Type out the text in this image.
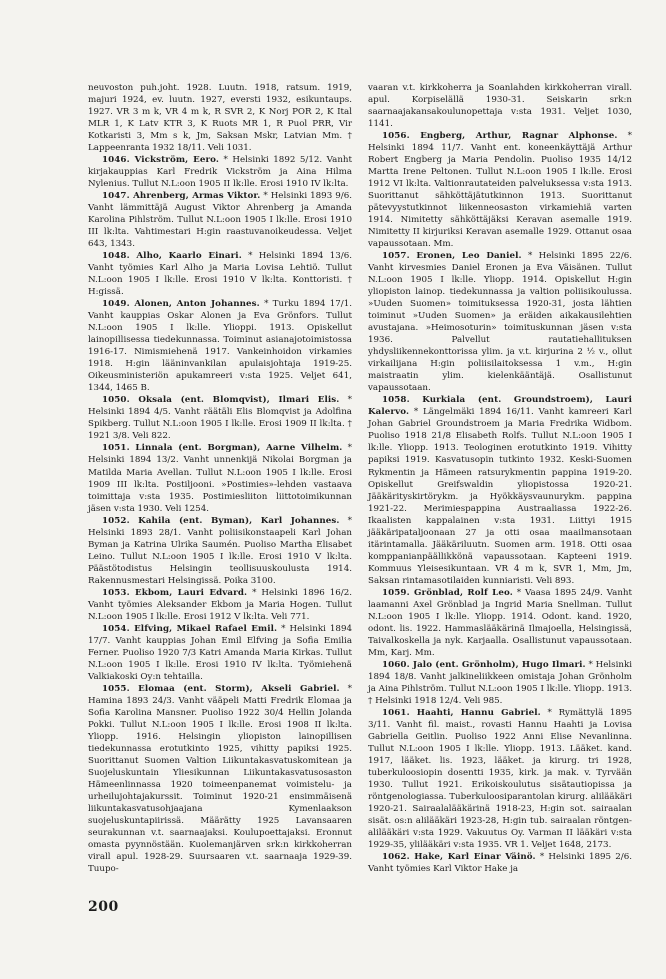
neuvoston puh.joht. 1928. Luutn. 1918, ratsum. 1919, majuri 1924, ev. luutn. 1927, eversti 1932, esikuntaups. 1927. VR 3 m k, VR 4 m k, R SVR 2, K Norj POR 2, K Ital MLR 1, K Latv KTR 3, K Ruots MR 1, R Puol PRR, Vir Kotkaristi 3, Mm s k, Jm, Saksan Mskr, Latvian Mm. † Lappeenranta 1932 18/11. Veli 1031.

1046. Vickström, Eero. * Helsinki 1892 5/12. Vanht kirjakauppias Karl Fredrik Vickström ja Aina Hilma Nylenius. Tullut N.L:oon 1905 II lk:lle. Erosi 1910 IV lk:lta.

1047. Ahrenberg, Armas Viktor. * Helsinki 1893 9/6. Vanht lämmittäjä August Viktor Ahrenberg ja Amanda Karolina Pihlström. Tullut N.L:oon 1905 I lk:lle. Erosi 1910 III lk:lta. Vahtimestari H:gin raastuvanoikeudessa. Veljet 643, 1343.

1048. Alho, Kaarlo Einari. * Helsinki 1894 13/6. Vanht työmies Karl Alho ja Maria Lovisa Lehtiö. Tullut N.L:oon 1905 I lk:lle. Erosi 1910 V lk:lta. Konttoristi. † H:gissä.

1049. Alonen, Anton Johannes. * Turku 1894 17/1. Vanht kauppias Oskar Alonen ja Eva Grönfors. Tullut N.L:oon 1905 I lk:lle. Ylioppi. 1913. Opiskellut lainopillisessa tiedekunnassa. Toiminut asianajotoimistossa 1916-17. Nimismiehenä 1917. Vankeinhoidon virkamies 1918. H:gin lääninvankilan apulaisjohtaja 1919-25. Oikeusministeriön apukamreeri v:sta 1925. Veljet 641, 1344, 1465 B.

1050. Oksala (ent. Blomqvist), Ilmari Elis. * Helsinki 1894 4/5. Vanht räätäli Elis Blomqvist ja Adolfina Spikberg. Tullut N.L:oon 1905 I lk:lle. Erosi 1909 II lk:lta. † 1921 3/8. Veli 822.

1051. Linnala (ent. Borgman), Aarne Vilhelm. * Helsinki 1894 13/2. Vanht unnenkijä Nikolai Borgman ja Matilda Maria Avellan. Tullut N.L:oon 1905 I lk:lle. Erosi 1909 III lk:lta. Postiljooni. »Postimies»-lehden vastaava toimittaja v:sta 1935. Postimiesliiton liittotoimikunnan jäsen v:sta 1930. Veli 1254.

1052. Kahila (ent. Byman), Karl Johannes. * Helsinki 1893 28/1. Vanht poliisikonstaapeli Karl Johan Byman ja Katrina Ulrika Saumén. Puoliso Martha Elisabet Leino. Tullut N.L:oon 1905 I lk:lle. Erosi 1910 V lk:lta. Päästötodistus Helsingin teollisuuskoulusta 1914. Rakennusmestari Helsingissä. Poika 3100.

1053. Ekbom, Lauri Edvard. * Helsinki 1896 16/2. Vanht työmies Aleksander Ekbom ja Maria Hogen. Tullut N.L:oon 1905 I lk:lle. Erosi 1912 V lk:lta. Veli 771.

1054. Elfving, Mikael Rafael Emil. * Helsinki 1894 17/7. Vanht kauppias Johan Emil Elfving ja Sofia Emilia Ferner. Puoliso 1920 7/3 Katri Amanda Maria Kirkas. Tullut N.L:oon 1905 I lk:lle. Erosi 1910 IV lk:lta. Työmiehenä Valkiakoski Oy:n tehtailla.

1055. Elomaa (ent. Storm), Akseli Gabriel. * Hamina 1893 24/3. Vanht vääpeli Matti Fredrik Elomaa ja Sofia Karolina Mansner. Puoliso 1922 30/4 Hellin Jolanda Pokki. Tullut N.L:oon 1905 I lk:lle. Erosi 1908 II lk:lta. Yliopp. 1916. Helsingin yliopiston lainopillisen tiedekunnassa erotutkinto 1925, vihitty papiksi 1925. Suorittanut Suomen Valtion Liikuntakasvatuskomitean ja Suojeluskuntain Yliesikunnan Liikuntakasvatusosaston Hämeenlinnassa 1920 toimeenpanemat voimistelu- ja urheilujohtajakurssit. Toiminut 1920-21 ensimmäisenä liikuntakasvatusohjaajana Kymenlaakson suojeluskuntapiirissä. Määrätty 1925 Lavansaaren seurakunnan v.t. saarnaajaksi. Koulupoettajaksi. Eronnut omasta pyynnöstään. Kuolemanjärven srk:n kirkkoherran virall apul. 1928-29. Suursaaren v.t. saarnaaja 1929-39. Tuupo-

vaaran v.t. kirkkoherra ja Soanlahden kirkkoherran virall. apul. Korpiselällä 1930-31. Seiskarin srk:n saarnaajakansakoulunopettaja v:sta 1931. Veljet 1030, 1141.

1056. Engberg, Arthur, Ragnar Alphonse. * Helsinki 1894 11/7. Vanht ent. koneenkäyttäjä Arthur Robert Engberg ja Maria Pendolin. Puoliso 1935 14/12 Martta Irene Peltonen. Tullut N.L:oon 1905 I lk:lle. Erosi 1912 VI lk:lta. Valtionrautateiden palveluksessa v:sta 1913. Suorittanut sähköttäjätutkinnon 1913. Suorittanut pätevyystutkinnot liikenneosaston virkamiehiä varten 1914. Nimitetty sähköttäjäksi Keravan asemalle 1919. Nimitetty II kirjuriksi Keravan asemalle 1929. Ottanut osaa vapaussotaan. Mm.

1057. Eronen, Leo Daniel. * Helsinki 1895 22/6. Vanht kirvesmies Daniel Eronen ja Eva Väisänen. Tullut N.L:oon 1905 I lk:lle. Yliopp. 1914. Opiskellut H:gin yliopiston lainop. tiedekunnassa ja valtion poliisikoulussa. »Uuden Suomen» toimituksessa 1920-31, josta lähtien toiminut »Uuden Suomen» ja eräiden aikakausilehtien avustajana. »Heimosoturin» toimituskunnan jäsen v:sta 1936. Palvellut rautatiehallituksen yhdysliikennekonttorissa ylim. ja v.t. kirjurina 2 ½ v., ollut virkailijana H:gin poliisilaitoksessa 1 v.m., H:gin maistraatin ylim. kielenkääntäjä. Osallistunut vapaussotaan.

1058. Kurkiala (ent. Groundstroem), Lauri Kalervo. * Längelmäki 1894 16/11. Vanht kamreeri Karl Johan Gabriel Groundstroem ja Maria Fredrika Widbom. Puoliso 1918 21/8 Elisabeth Rolfs. Tullut N.L:oon 1905 I lk:lle. Yliopp. 1913. Teologinen erotutkinto 1919. Vihitty papiksi 1919. Kasvatusopin tutkinto 1932. Keski-Suomen Rykmentin ja Hämeen ratsurykmentin pappina 1919-20. Opiskellut Greifswaldin yliopistossa 1920-21. Jääkärityskirtörykm. ja Hyökkäysvaunurykm. pappina 1921-22. Merimiespappina Austraaliassa 1922-26. Ikaalisten kappalainen v:sta 1931. Liittyi 1915 jääkäripataljoonaan 27 ja otti osaa maailmansotaan itärintamalla. Jääkäriluutn. Suomen arm. 1918. Otti osaa komppanianpäällikkönä vapaussotaan. Kapteeni 1919. Kommuus Yleisesikuntaan. VR 4 m k, SVR 1, Mm, Jm, Saksan rintamasotilaiden kunniaristi. Veli 893.

1059. Grönblad, Rolf Leo. * Vaasa 1895 24/9. Vanht laamanni Axel Grönblad ja Ingrid Maria Snellman. Tullut N.L:oon 1905 I lk:lle. Yliopp. 1914. Odont. kand. 1920, odont. lis. 1922. Hammaslääkärinä Ilmajoella, Helsingissä, Taivalkoskella ja nyk. Karjaalla. Osallistunut vapaussotaan. Mm, Karj. Mm.

1060. Jalo (ent. Grönholm), Hugo Ilmari. * Helsinki 1894 18/8. Vanht jalkineliikkeen omistaja Johan Grönholm ja Aina Pihlström. Tullut N.L:oon 1905 I lk:lle. Yliopp. 1913. † Helsinki 1918 12/4. Veli 985.

1061. Haahti, Hannu Gabriel. * Rymättylä 1895 3/11. Vanht fil. maist., rovasti Hannu Haahti ja Lovisa Gabriella Geitlin. Puoliso 1922 Anni Elise Nevanlinna. Tullut N.L:oon 1905 I lk:lle. Yliopp. 1913. Lääket. kand. 1917, lääket. lis. 1923, lääket. ja kirurg. tri 1928, tuberkuloosiopin dosentti 1935, kirk. ja mak. v. Tyrvään 1930. Tullut 1921. Erikoiskoulutus sisätautiopissa ja röntgenologiassa. Tuberkuloosiparantolan kirurg. alilääkäri 1920-21. Sairaalalääkärinä 1918-23, H:gin sot. sairaalan sisät. os:n alilääkäri 1923-28, H:gin tub. sairaalan röntgen-alilääkäri v:sta 1929. Vakuutus Oy. Varman II lääkäri v:sta 1929-35, ylilääkäri v:sta 1935. VR 1. Veljet 1648, 2173.

1062. Hake, Karl Einar Väinö. * Helsinki 1895 2/6. Vanht työmies Karl Viktor Hake ja

200
